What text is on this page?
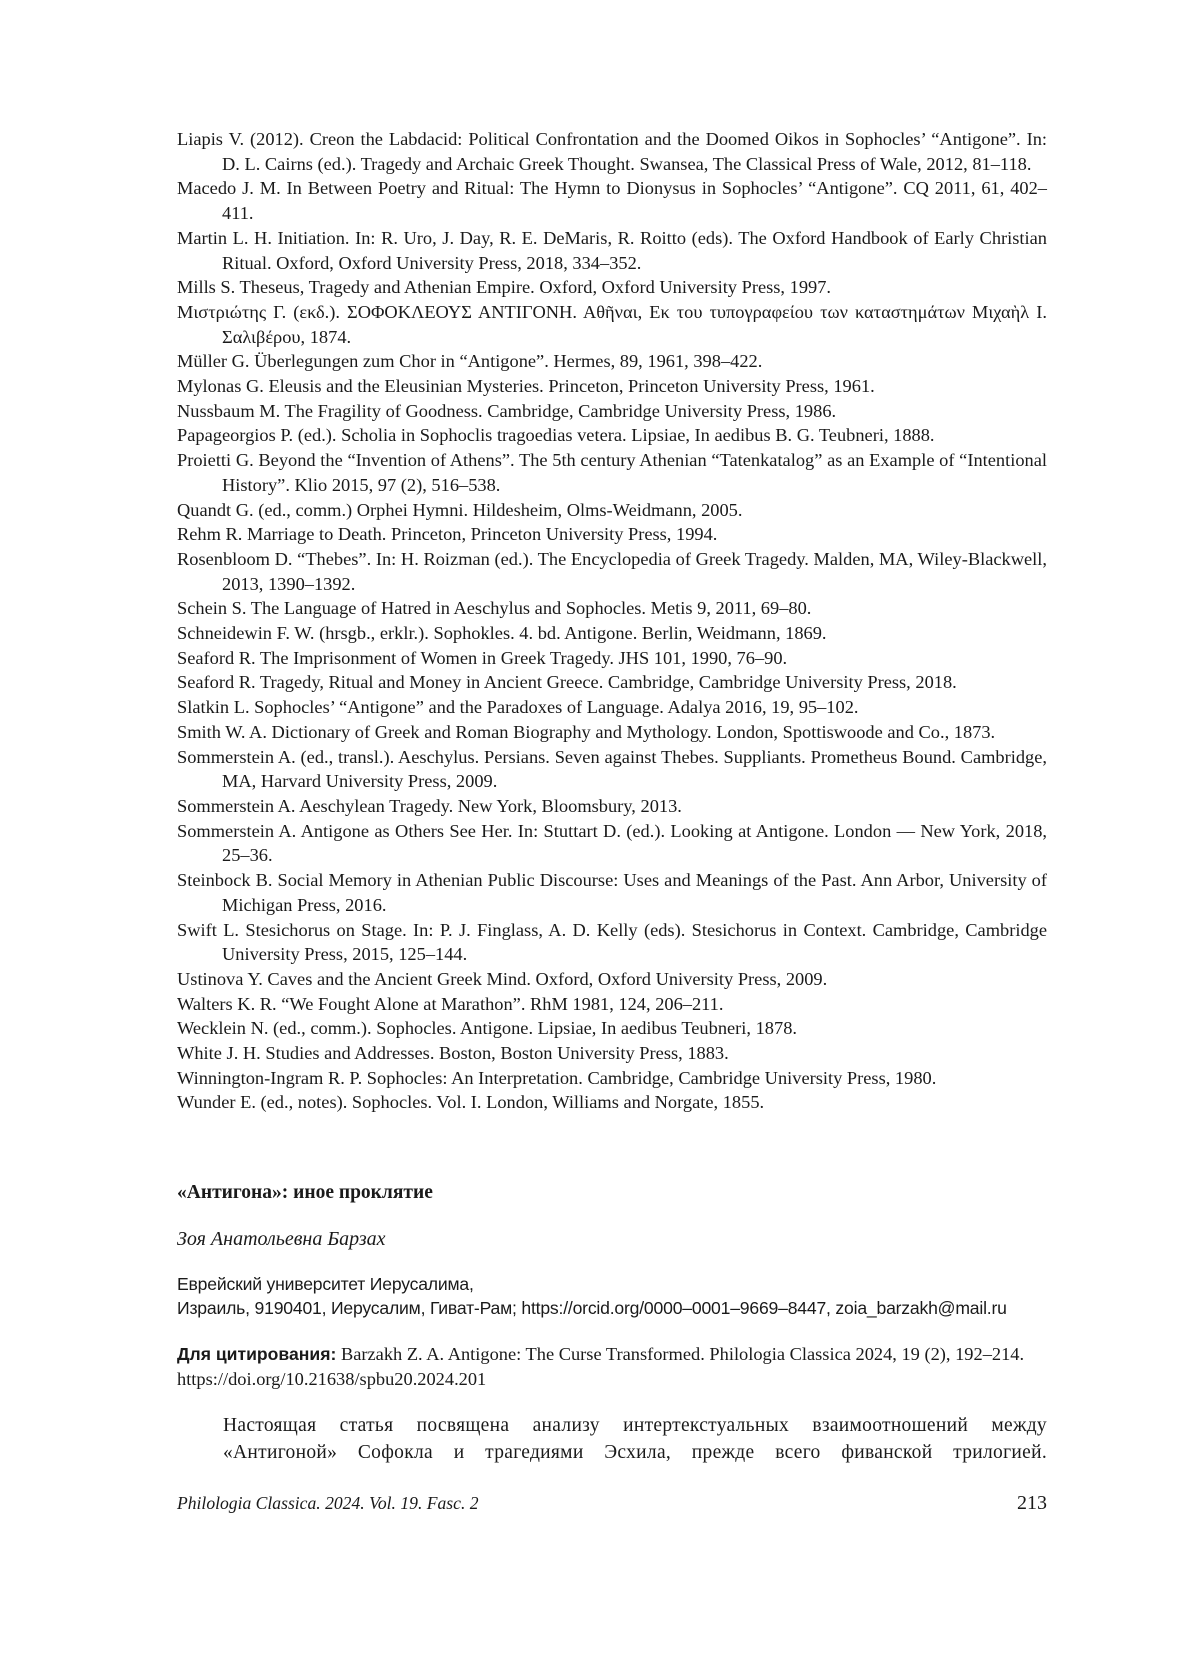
Liapis V. (2012). Creon the Labdacid: Political Confrontation and the Doomed Oikos in Sophocles’ “Antigone”. In: D. L. Cairns (ed.). Tragedy and Archaic Greek Thought. Swansea, The Classical Press of Wale, 2012, 81–118.
Macedo J. M. In Between Poetry and Ritual: The Hymn to Dionysus in Sophocles’ “Antigone”. CQ 2011, 61, 402–411.
Martin L. H. Initiation. In: R. Uro, J. Day, R. E. DeMaris, R. Roitto (eds). The Oxford Handbook of Early Christian Ritual. Oxford, Oxford University Press, 2018, 334–352.
Mills S. Theseus, Tragedy and Athenian Empire. Oxford, Oxford University Press, 1997.
Μιστριώτης Γ. (εκδ.). ΣΟΦΟΚΛΕΟΥΣ ΑΝΤΙΓΟΝΗ. Αθῆναι, Εκ του τυπογραφείου των καταστημάτων Μιχαὴλ Ι. Σαλιβέρου, 1874.
Müller G. Überlegungen zum Chor in “Antigone”. Hermes, 89, 1961, 398–422.
Mylonas G. Eleusis and the Eleusinian Mysteries. Princeton, Princeton University Press, 1961.
Nussbaum M. The Fragility of Goodness. Cambridge, Cambridge University Press, 1986.
Papageorgios P. (ed.). Scholia in Sophoclis tragoedias vetera. Lipsiae, In aedibus B. G. Teubneri, 1888.
Proietti G. Beyond the “Invention of Athens”. The 5th century Athenian “Tatenkatalog” as an Example of “Intentional History”. Klio 2015, 97 (2), 516–538.
Quandt G. (ed., comm.) Orphei Hymni. Hildesheim, Olms-Weidmann, 2005.
Rehm R. Marriage to Death. Princeton, Princeton University Press, 1994.
Rosenbloom D. “Thebes”. In: H. Roizman (ed.). The Encyclopedia of Greek Tragedy. Malden, MA, Wiley-Blackwell, 2013, 1390–1392.
Schein S. The Language of Hatred in Aeschylus and Sophocles. Metis 9, 2011, 69–80.
Schneidewin F. W. (hrsgb., erklr.). Sophokles. 4. bd. Antigone. Berlin, Weidmann, 1869.
Seaford R. The Imprisonment of Women in Greek Tragedy. JHS 101, 1990, 76–90.
Seaford R. Tragedy, Ritual and Money in Ancient Greece. Cambridge, Cambridge University Press, 2018.
Slatkin L. Sophocles’ “Antigone” and the Paradoxes of Language. Adalya 2016, 19, 95–102.
Smith W. A. Dictionary of Greek and Roman Biography and Mythology. London, Spottiswoode and Co., 1873.
Sommerstein A. (ed., transl.). Aeschylus. Persians. Seven against Thebes. Suppliants. Prometheus Bound. Cambridge, MA, Harvard University Press, 2009.
Sommerstein A. Aeschylean Tragedy. New York, Bloomsbury, 2013.
Sommerstein A. Antigone as Others See Her. In: Stuttart D. (ed.). Looking at Antigone. London — New York, 2018, 25–36.
Steinbock B. Social Memory in Athenian Public Discourse: Uses and Meanings of the Past. Ann Arbor, University of Michigan Press, 2016.
Swift L. Stesichorus on Stage. In: P. J. Finglass, A. D. Kelly (eds). Stesichorus in Context. Cambridge, Cambridge University Press, 2015, 125–144.
Ustinova Y. Caves and the Ancient Greek Mind. Oxford, Oxford University Press, 2009.
Walters K. R. “We Fought Alone at Marathon”. RhM 1981, 124, 206–211.
Wecklein N. (ed., comm.). Sophocles. Antigone. Lipsiae, In aedibus Teubneri, 1878.
White J. H. Studies and Addresses. Boston, Boston University Press, 1883.
Winnington-Ingram R. P. Sophocles: An Interpretation. Cambridge, Cambridge University Press, 1980.
Wunder E. (ed., notes). Sophocles. Vol. I. London, Williams and Norgate, 1855.

«Антигона»: иное проклятие

Зоя Анатольевна Барзах

Еврейский университет Иерусалима,
Израиль, 9190401, Иерусалим, Гиват-Рам; https://orcid.org/0000–0001–9669–8447, zoia_barzakh@mail.ru

Для цитирования: Barzakh Z. A. Antigone: The Curse Transformed. Philologia Classica 2024, 19 (2), 192–214. https://doi.org/10.21638/spbu20.2024.201

Настоящая статья посвящена анализу интертекстуальных взаимоотношений между «Антигоной» Софокла и трагедиями Эсхила, прежде всего фиванской трилогией.

Philologia Classica. 2024. Vol. 19. Fasc. 2	213
